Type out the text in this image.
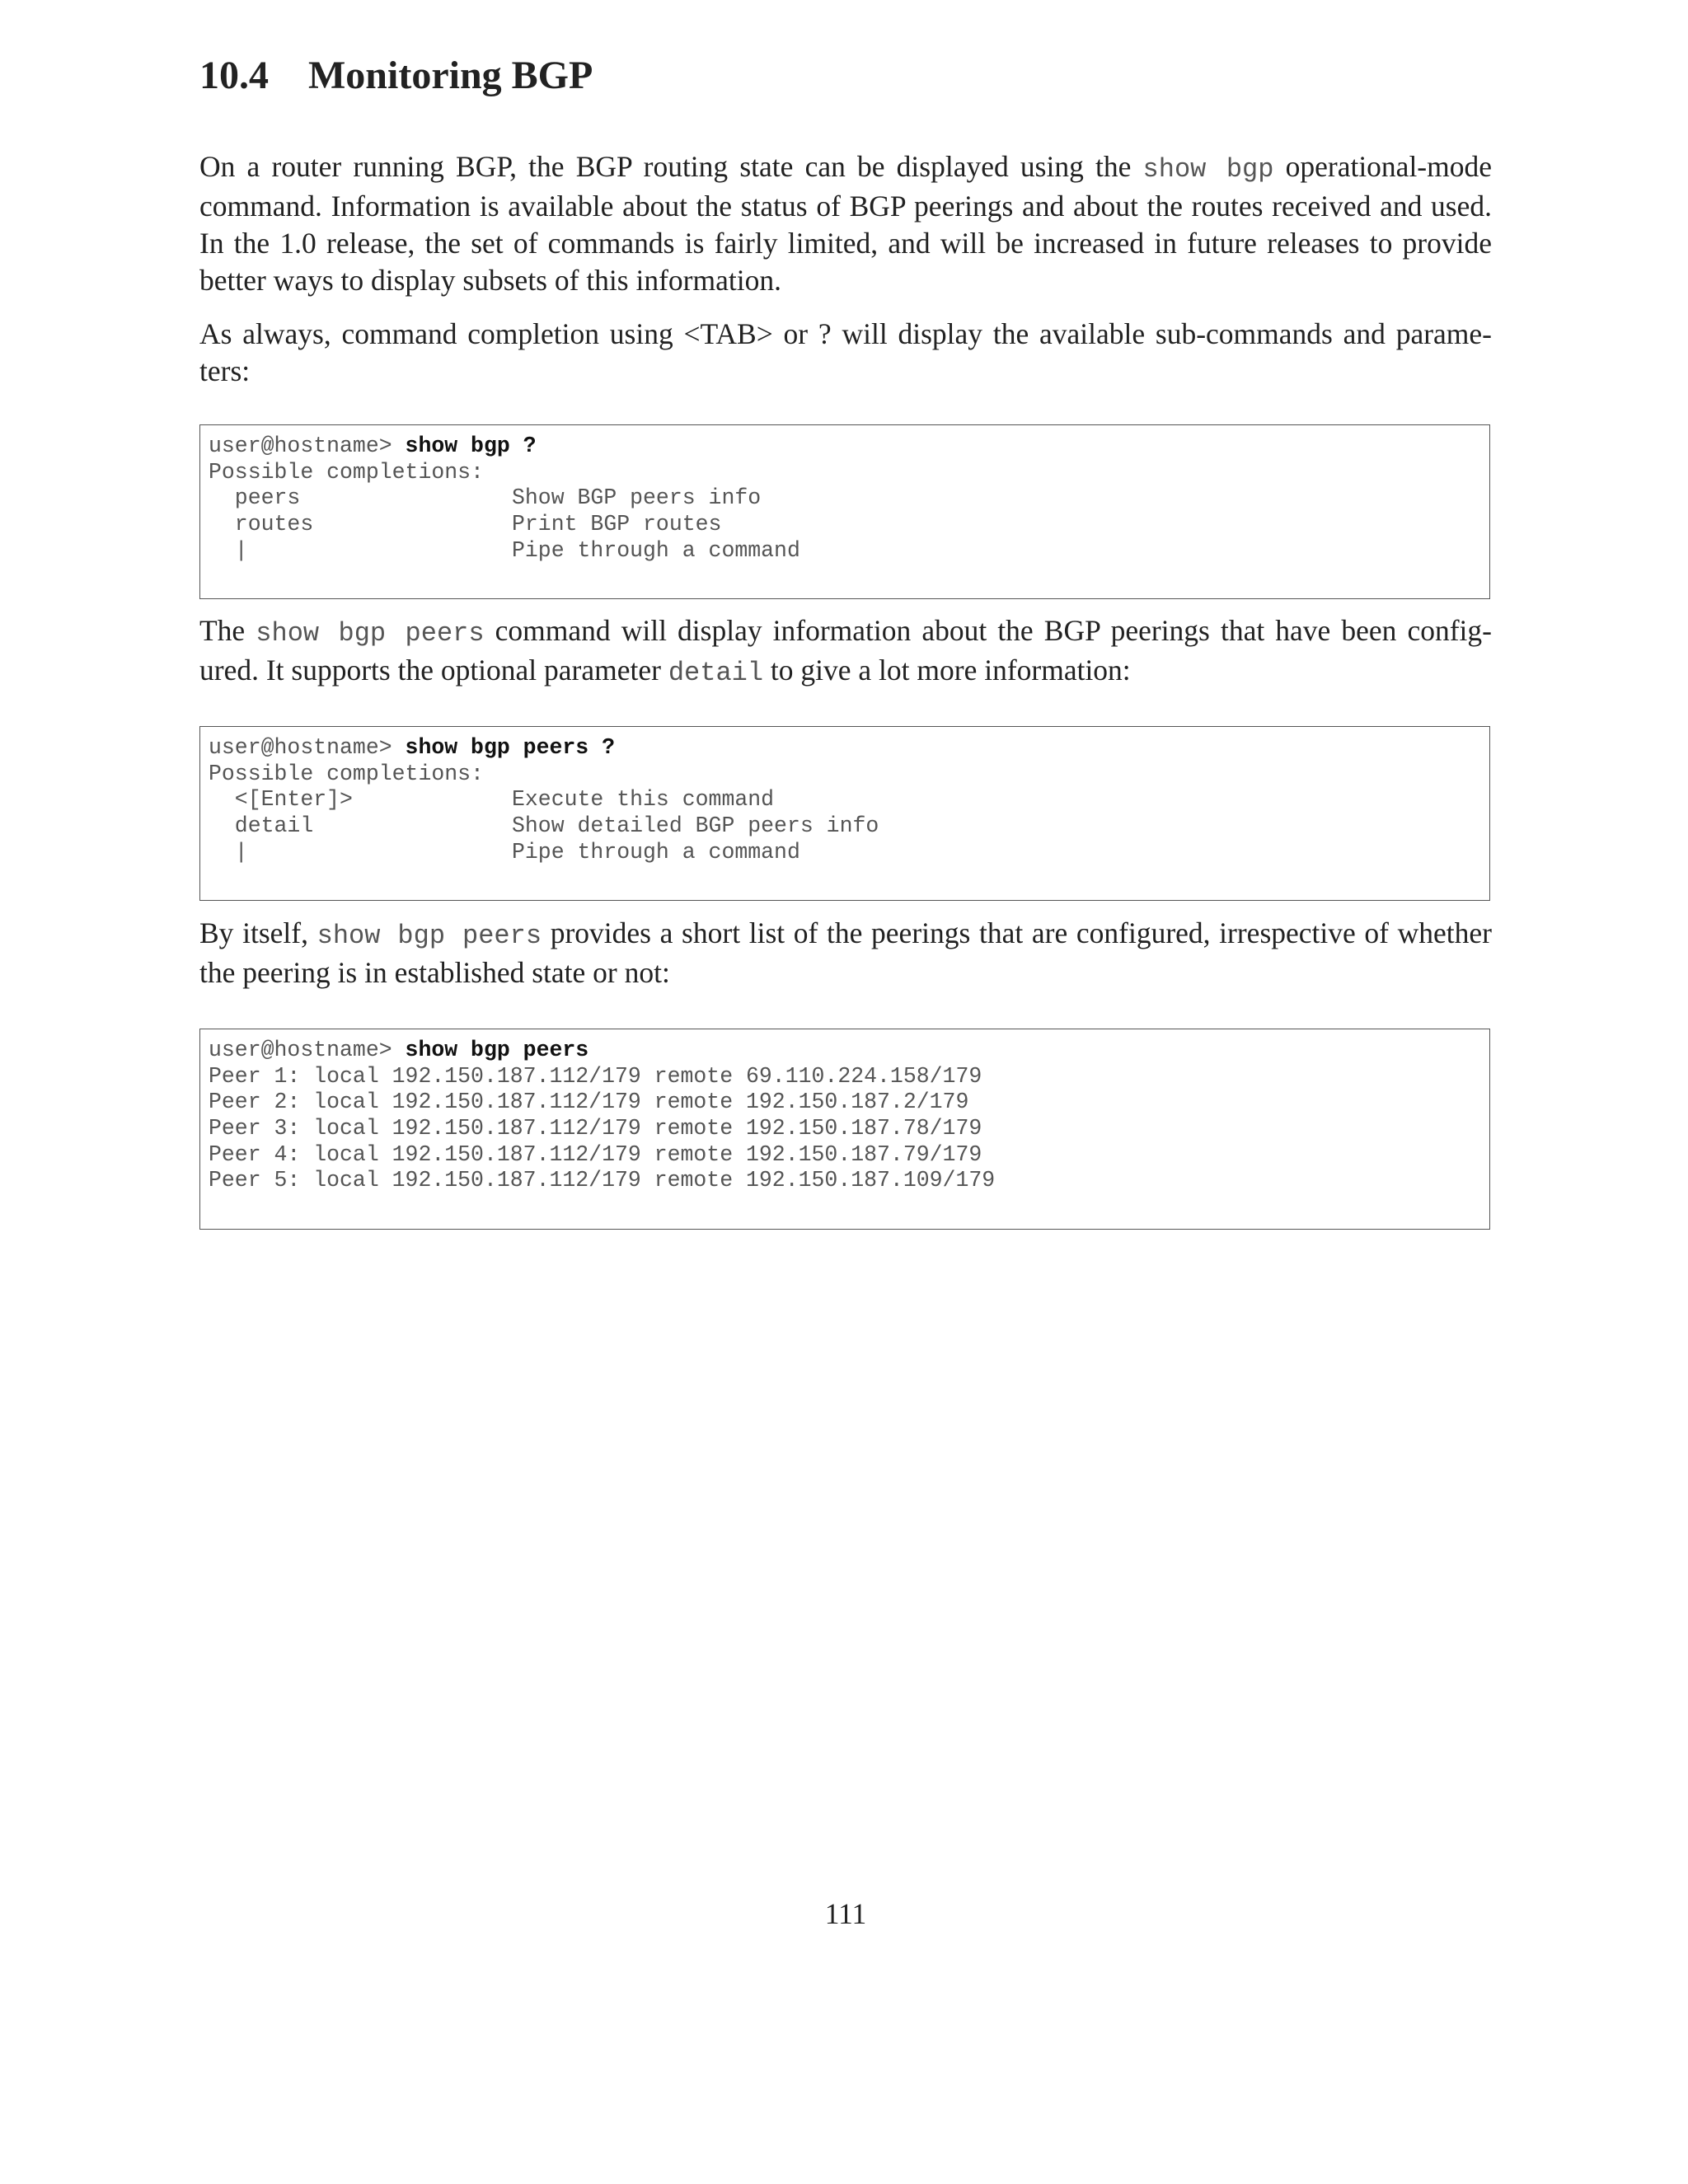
10.4 Monitoring BGP

On a router running BGP, the BGP routing state can be displayed using the show bgp operational-mode command. Information is available about the status of BGP peerings and about the routes received and used. In the 1.0 release, the set of commands is fairly limited, and will be increased in future releases to provide better ways to display subsets of this information.

As always, command completion using <TAB> or ? will display the available sub-commands and parame-ters:

user@hostname> show bgp ?
Possible completions:
peers	Show BGP peers info
routes	Print BGP routes
|	Pipe through a command

The show bgp peers command will display information about the BGP peerings that have been config-ured. It supports the optional parameter detail to give a lot more information:

user@hostname> show bgp peers ?
Possible completions:
<[Enter]>	Execute this command
detail	Show detailed BGP peers info
|	Pipe through a command

By itself, show bgp peers provides a short list of the peerings that are configured, irrespective of whether the peering is in established state or not:

user@hostname> show bgp peers
Peer 1: local 192.150.187.112/179 remote 69.110.224.158/179
Peer 2: local 192.150.187.112/179 remote 192.150.187.2/179
Peer 3: local 192.150.187.112/179 remote 192.150.187.78/179
Peer 4: local 192.150.187.112/179 remote 192.150.187.79/179
Peer 5: local 192.150.187.112/179 remote 192.150.187.109/179
111
